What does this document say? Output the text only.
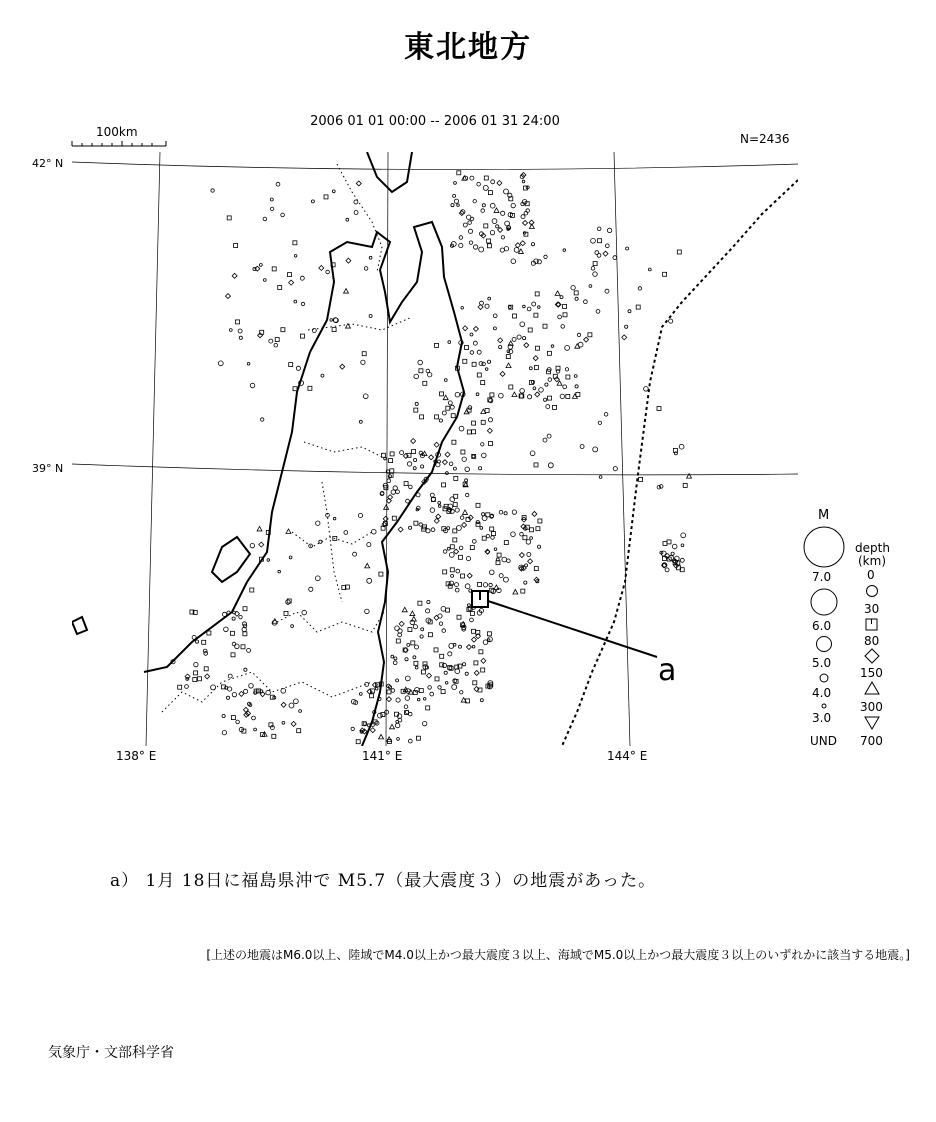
東北地方
2006 01 01 00:00 -- 2006 01 31 24:00
N=2436
100km
42° N
39° N
138° E	141° E	144° E
a
M
7.0
6.0
5.0
4.0
3.0
UND
depth
(km)
0
30
80
150
300
700
a） 1月 18日に福島県沖で M5.7（最大震度３）の地震があった。
[上述の地震はM6.0以上、陸域でM4.0以上かつ最大震度３以上、海域でM5.0以上かつ最大震度３以上のいずれかに該当する地震。]
気象庁・文部科学省
